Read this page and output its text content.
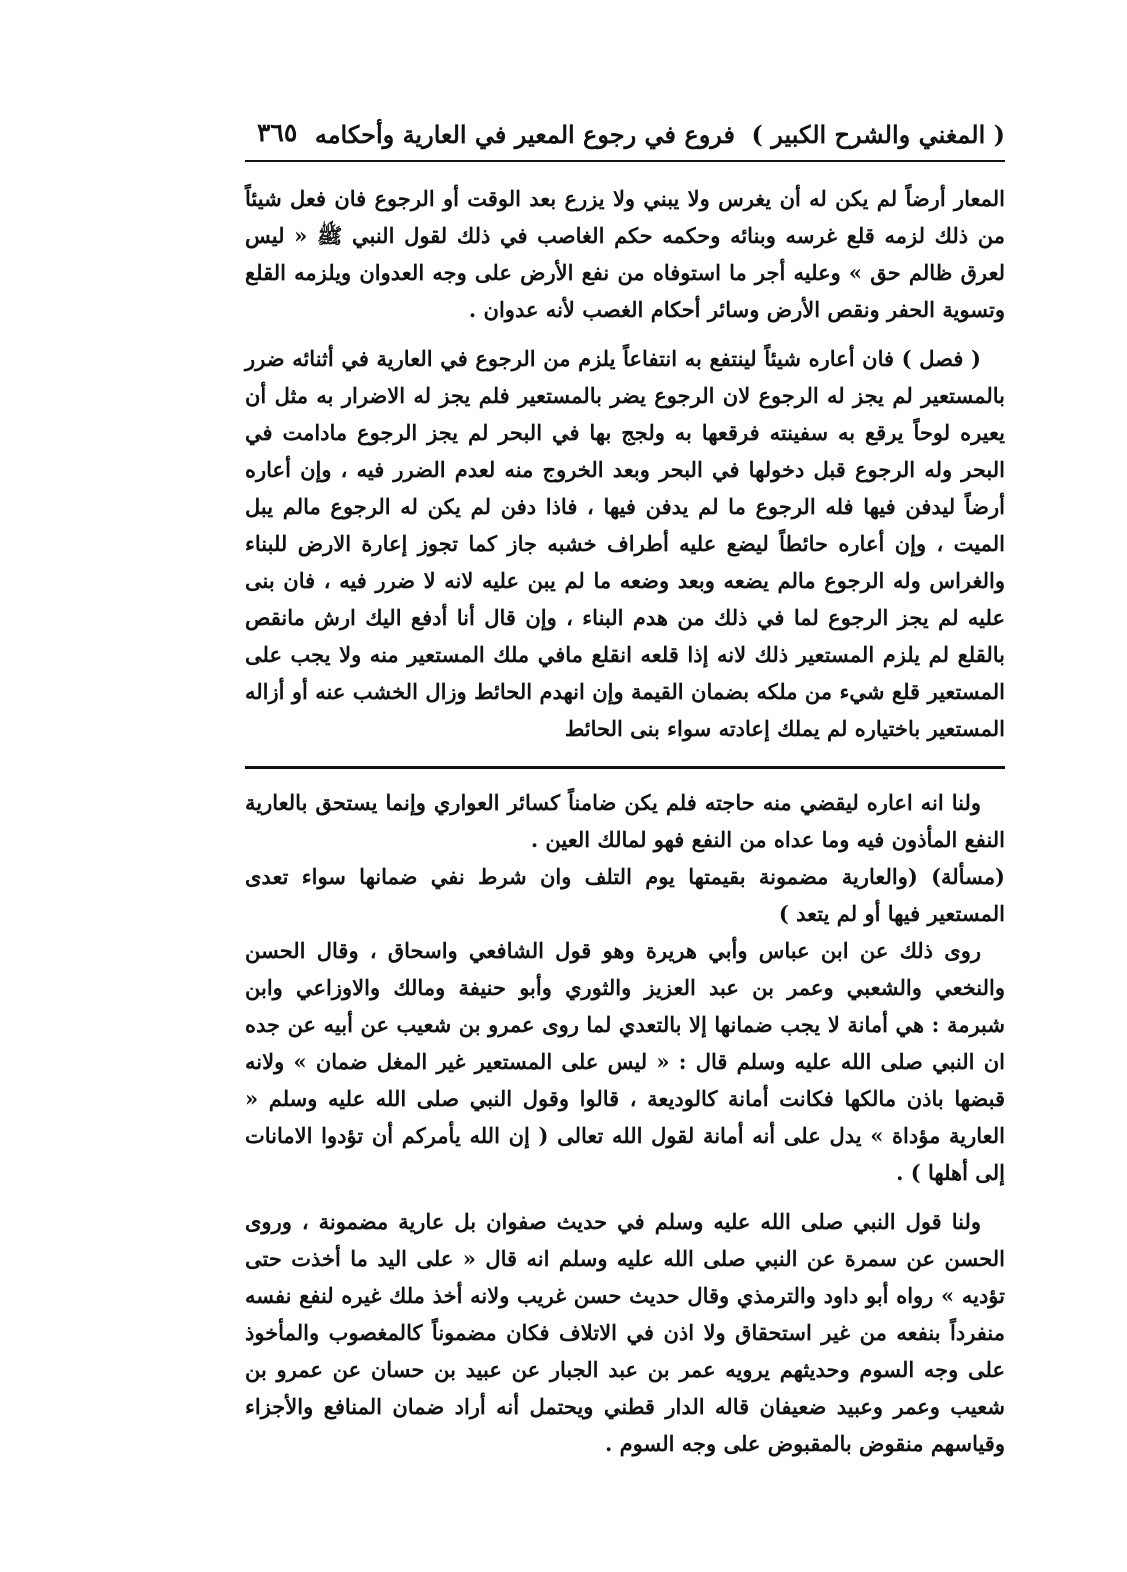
( المغني والشرح الكبير )
فروع في رجوع المعير في العارية وأحكامه
٣٦٥

المعار أرضاً لم يكن له أن يغرس ولا يبني ولا يزرع بعد الوقت أو الرجوع فان فعل شيئاً من ذلك لزمه قلع غرسه وبنائه وحكمه حكم الغاصب في ذلك لقول النبي ﷺ « ليس لعرق ظالم حق » وعليه أجر ما استوفاه من نفع الأرض على وجه العدوان ويلزمه القلع وتسوية الحفر ونقص الأرض وسائر أحكام الغصب لأنه عدوان .

( فصل ) فان أعاره شيئاً لينتفع به انتفاعاً يلزم من الرجوع في العارية في أثنائه ضرر بالمستعير لم يجز له الرجوع لان الرجوع يضر بالمستعير فلم يجز له الاضرار به مثل أن يعيره لوحاً يرقع به سفينته فرقعها به ولجج بها في البحر لم يجز الرجوع مادامت في البحر وله الرجوع قبل دخولها في البحر وبعد الخروج منه لعدم الضرر فيه ، وإن أعاره أرضاً ليدفن فيها فله الرجوع ما لم يدفن فيها ، فاذا دفن لم يكن له الرجوع مالم يبل الميت ، وإن أعاره حائطاً ليضع عليه أطراف خشبه جاز كما تجوز إعارة الارض للبناء والغراس وله الرجوع مالم يضعه وبعد وضعه ما لم يبن عليه لانه لا ضرر فيه ، فان بنى عليه لم يجز الرجوع لما في ذلك من هدم البناء ، وإن قال أنا أدفع اليك ارش مانقص بالقلع لم يلزم المستعير ذلك لانه إذا قلعه انقلع مافي ملك المستعير منه ولا يجب على المستعير قلع شيء من ملكه بضمان القيمة وإن انهدم الحائط وزال الخشب عنه أو أزاله المستعير باختياره لم يملك إعادته سواء بنى الحائط

ولنا انه اعاره ليقضي منه حاجته فلم يكن ضامناً كسائر العواري وإنما يستحق بالعارية النفع المأذون فيه وما عداه من النفع فهو لمالك العين .

(مسألة) (والعارية مضمونة بقيمتها يوم التلف وان شرط نفي ضمانها سواء تعدى المستعير فيها أو لم يتعد )

روى ذلك عن ابن عباس وأبي هريرة وهو قول الشافعي واسحاق ، وقال الحسن والنخعي والشعبي وعمر بن عبد العزيز والثوري وأبو حنيفة ومالك والاوزاعي وابن شبرمة : هي أمانة لا يجب ضمانها إلا بالتعدي لما روى عمرو بن شعيب عن أبيه عن جده ان النبي صلى الله عليه وسلم قال : « ليس على المستعير غير المغل ضمان » ولانه قبضها باذن مالكها فكانت أمانة كالوديعة ، قالوا وقول النبي صلى الله عليه وسلم « العارية مؤداة » يدل على أنه أمانة لقول الله تعالى ( إن الله يأمركم أن تؤدوا الامانات إلى أهلها ) .

ولنا قول النبي صلى الله عليه وسلم في حديث صفوان بل عارية مضمونة ، وروى الحسن عن سمرة عن النبي صلى الله عليه وسلم انه قال « على اليد ما أخذت حتى تؤديه » رواه أبو داود والترمذي وقال حديث حسن غريب ولانه أخذ ملك غيره لنفع نفسه منفرداً بنفعه من غير استحقاق ولا اذن في الاتلاف فكان مضموناً كالمغصوب والمأخوذ على وجه السوم وحديثهم يرويه عمر بن عبد الجبار عن عبيد بن حسان عن عمرو بن شعيب وعمر وعبيد ضعيفان قاله الدار قطني ويحتمل أنه أراد ضمان المنافع والأجزاء وقياسهم منقوض بالمقبوض على وجه السوم .
